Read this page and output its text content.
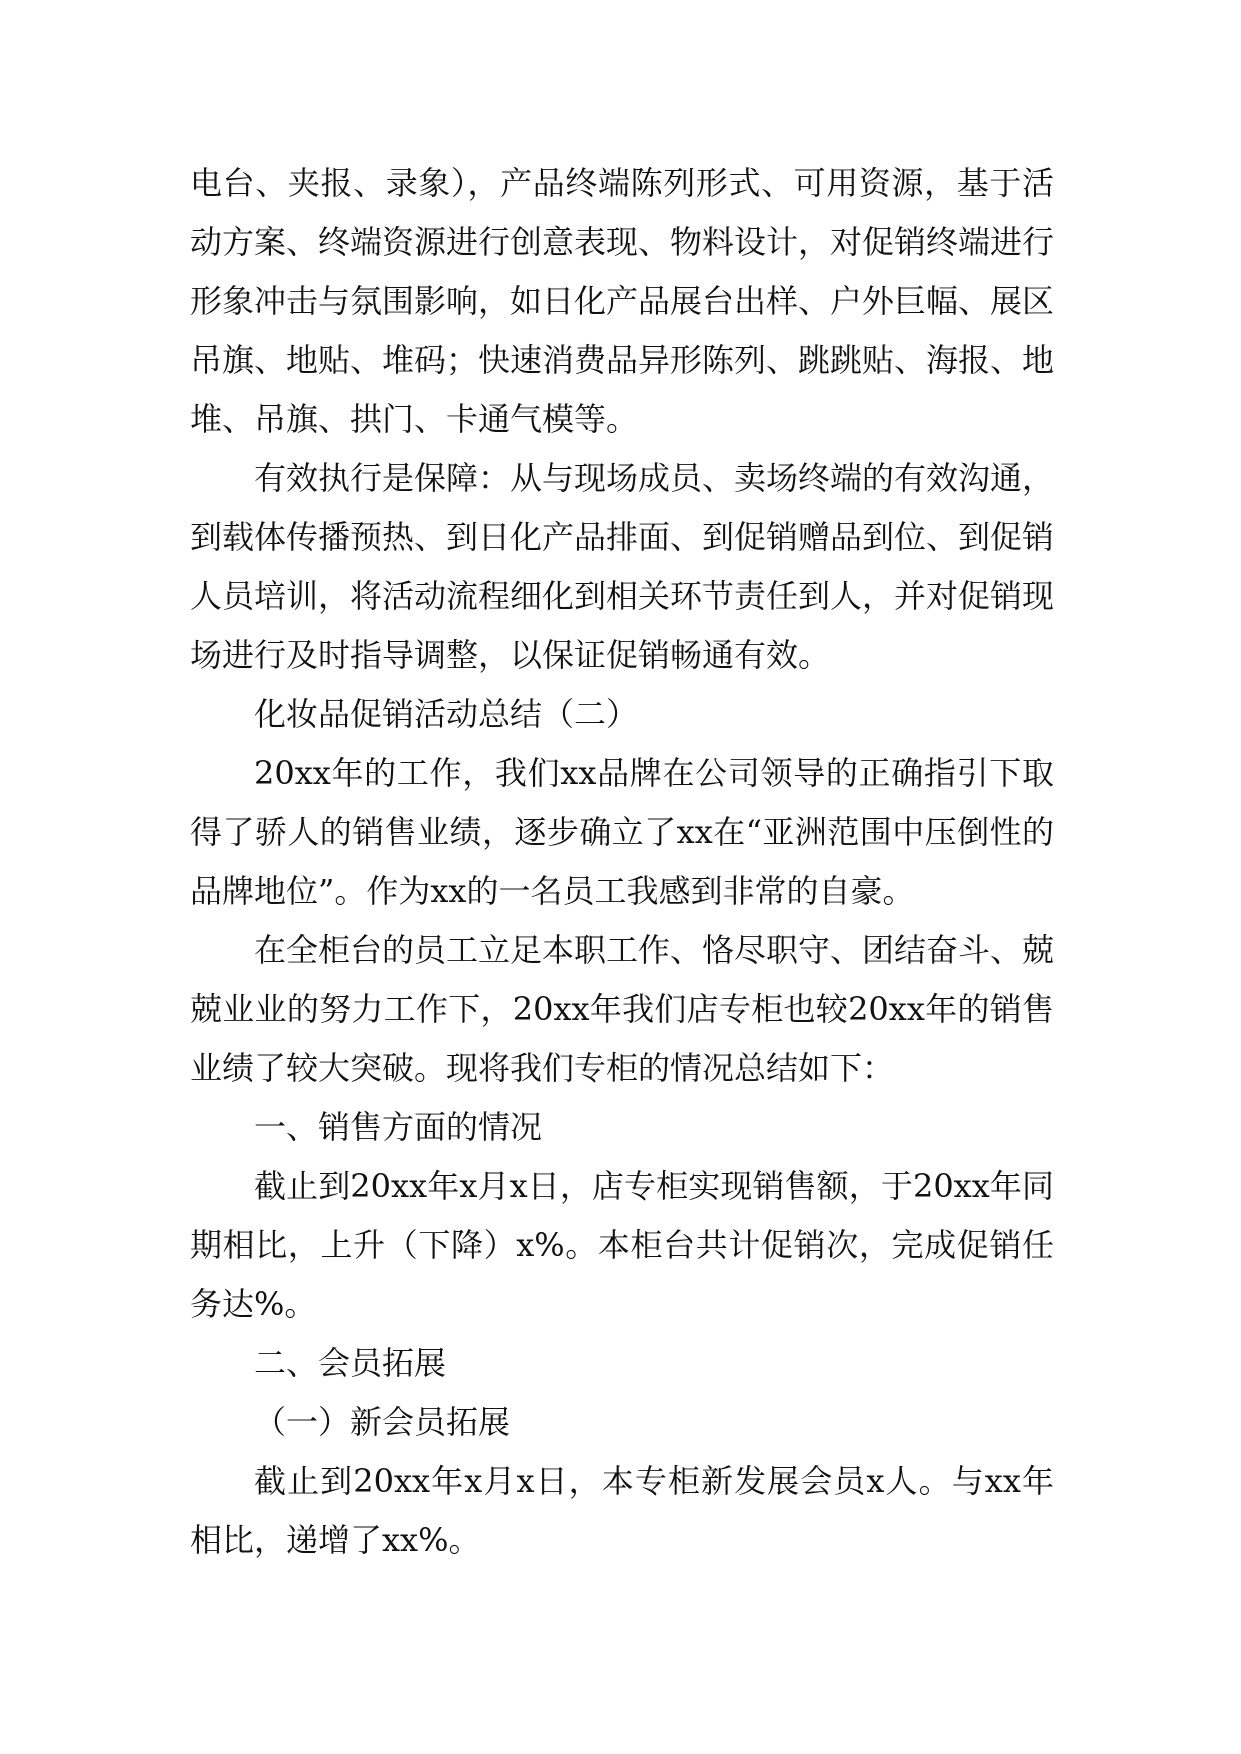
电台、夹报、录象），产品终端陈列形式、可用资源，基于活动方案、终端资源进行创意表现、物料设计，对促销终端进行形象冲击与氛围影响，如日化产品展台出样、户外巨幅、展区吊旗、地贴、堆码；快速消费品异形陈列、跳跳贴、海报、地堆、吊旗、拱门、卡通气模等。

有效执行是保障：从与现场成员、卖场终端的有效沟通，到载体传播预热、到日化产品排面、到促销赠品到位、到促销人员培训，将活动流程细化到相关环节责任到人，并对促销现场进行及时指导调整，以保证促销畅通有效。

化妆品促销活动总结（二）

20xx年的工作，我们xx品牌在公司领导的正确指引下取得了骄人的销售业绩，逐步确立了xx在“亚洲范围中压倒性的品牌地位”。作为xx的一名员工我感到非常的自豪。

在全柜台的员工立足本职工作、恪尽职守、团结奋斗、兢兢业业的努力工作下，20xx年我们店专柜也较20xx年的销售业绩了较大突破。现将我们专柜的情况总结如下：

一、销售方面的情况

截止到20xx年x月x日，店专柜实现销售额，于20xx年同期相比，上升（下降）x%。本柜台共计促销次，完成促销任务达%。

二、会员拓展

（一）新会员拓展

截止到20xx年x月x日，本专柜新发展会员x人。与xx年相比，递增了xx%。
